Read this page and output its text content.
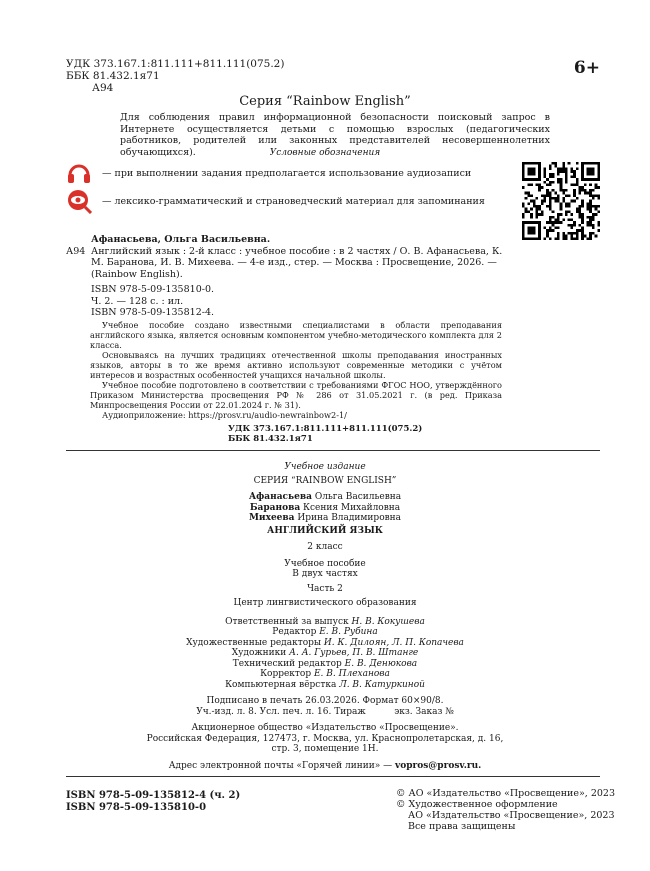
УДК 373.167.1:811.111+811.111(075.2)
ББК 81.432.1я71
А94
6+
Серия “Rainbow English”
Для соблюдения правил информационной безопасности поисковый запрос в Интернете осуществляется детьми с помощью взрослых (педагогических работников, родителей или законных представителей несовершеннолетних обучающихся).	Условные обозначения
— при выполнении задания предполагается использование аудиозаписи
— лексико-грамматический и страноведческий материал для запоминания
Афанасьева, Ольга Васильевна.
А94 Английский язык : 2-й класс : учебное пособие : в 2 частях / О. В. Афанасьева, К. М. Баранова, И. В. Михеева. — 4-е изд., стер. — Москва : Просвещение, 2026. — (Rainbow English).
ISBN 978-5-09-135810-0.
Ч. 2. — 128 с. : ил.
ISBN 978-5-09-135812-4.

Учебное пособие создано известными специалистами в области преподавания английского языка, является основным компонентом учебно-методического комплекта для 2 класса.

Основываясь на лучших традициях отечественной школы преподавания иностранных языков, авторы в то же время активно используют современные методики с учётом интересов и возрастных особенностей учащихся начальной школы.

Учебное пособие подготовлено в соответствии с требованиями ФГОС НОО, утверждённого Приказом Министерства просвещения РФ № 286 от 31.05.2021 г. (в ред. Приказа Минпросвещения России от 22.01.2024 г. № 31).

Аудиоприложение: https://prosv.ru/audio-newrainbow2-1/

УДК 373.167.1:811.111+811.111(075.2)
ББК 81.432.1я71
Учебное издание
СЕРИЯ “RAINBOW ENGLISH”
Афанасьева Ольга Васильевна
Баранова Ксения Михайловна
Михеева Ирина Владимировна
АНГЛИЙСКИЙ ЯЗЫК
2 класс
Учебное пособие
В двух частях
Часть 2
Центр лингвистического образования
Ответственный за выпуск Н. В. Кокушева
Редактор Е. В. Рубина
Художественные редакторы И. К. Дилоян, Л. П. Копачева
Художники А. А. Гурьев, П. В. Штанге
Технический редактор Е. В. Денюкова
Корректор Е. В. Плеханова
Компьютерная вёрстка Л. В. Катуркиной
Подписано в печать 26.03.2026. Формат 60×90/8.
Уч.-изд. л. 8. Усл. печ. л. 16. Тираж          экз. Заказ №
Акционерное общество «Издательство «Просвещение».
Российская Федерация, 127473, г. Москва, ул. Краснопролетарская, д. 16,
стр. 3, помещение 1Н.
Адрес электронной почты «Горячей линии» — vopros@prosv.ru.
ISBN 978-5-09-135812-4 (ч. 2)
ISBN 978-5-09-135810-0
© АО «Издательство «Просвещение», 2023
© Художественное оформление
АО «Издательство «Просвещение», 2023
Все права защищены
